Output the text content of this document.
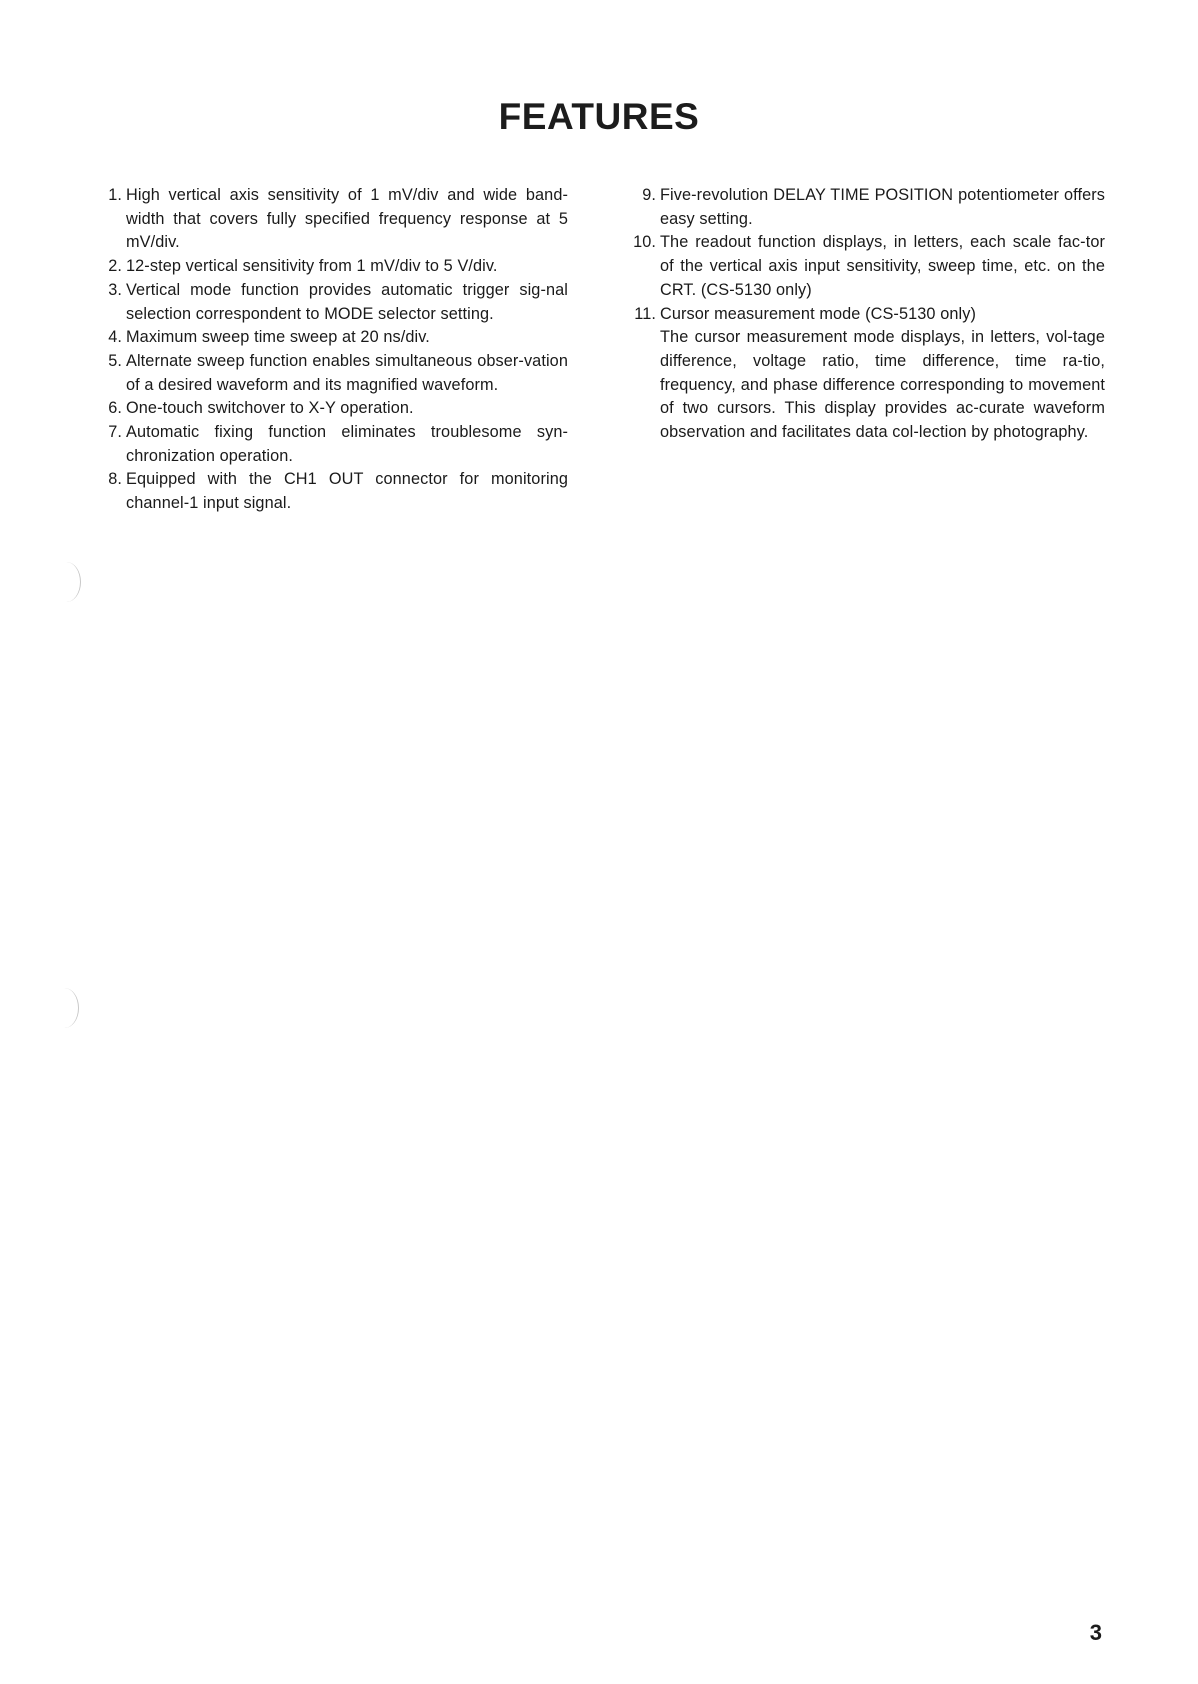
FEATURES
1. High vertical axis sensitivity of 1 mV/div and wide band-width that covers fully specified frequency response at 5 mV/div.
2. 12-step vertical sensitivity from 1 mV/div to 5 V/div.
3. Vertical mode function provides automatic trigger sig-nal selection correspondent to MODE selector setting.
4. Maximum sweep time sweep at 20 ns/div.
5. Alternate sweep function enables simultaneous obser-vation of a desired waveform and its magnified waveform.
6. One-touch switchover to X-Y operation.
7. Automatic fixing function eliminates troublesome syn-chronization operation.
8. Equipped with the CH1 OUT connector for monitoring channel-1 input signal.
9. Five-revolution DELAY TIME POSITION potentiometer offers easy setting.
10. The readout function displays, in letters, each scale fac-tor of the vertical axis input sensitivity, sweep time, etc. on the CRT. (CS-5130 only)
11. Cursor measurement mode (CS-5130 only)
The cursor measurement mode displays, in letters, vol-tage difference, voltage ratio, time difference, time ra-tio, frequency, and phase difference corresponding to movement of two cursors. This display provides ac-curate waveform observation and facilitates data col-lection by photography.
3
